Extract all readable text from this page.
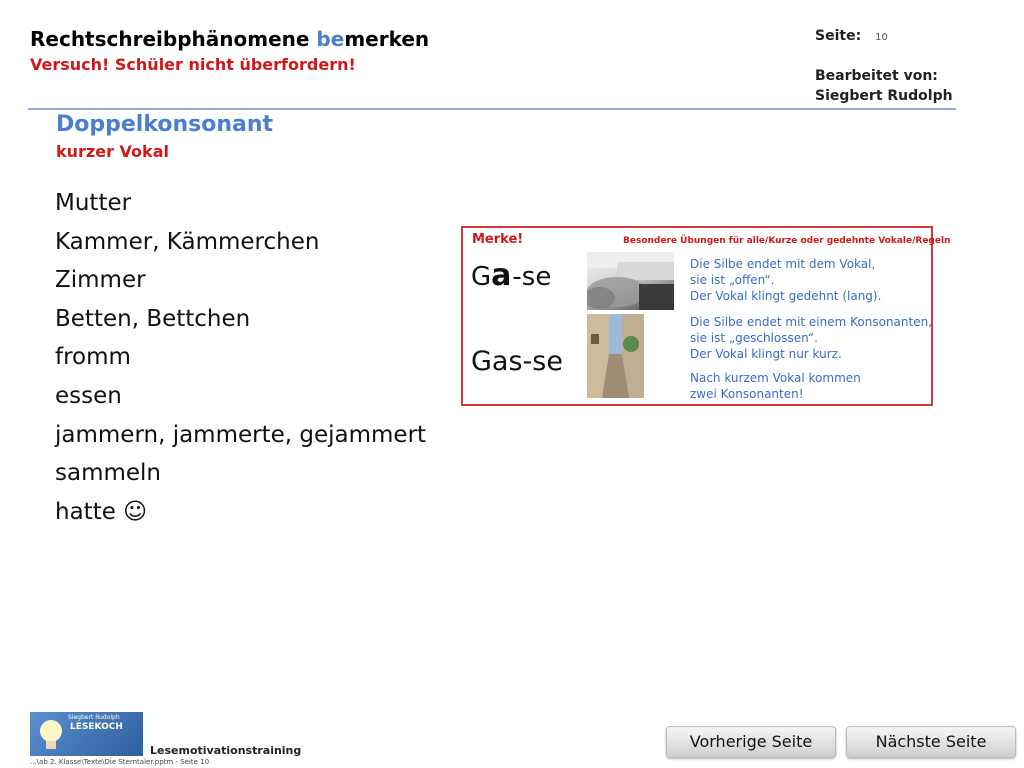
Rechtschreibphänomene bemerken
Versuch! Schüler nicht überfordern!
Seite: 10
Bearbeitet von:
Siegbert Rudolph
Doppelkonsonant
kurzer Vokal
Mutter
Kammer, Kämmerchen
Zimmer
Betten, Bettchen
fromm
essen
jammern, jammerte, gejammert
sammeln
hatte ☺
Merke!	Besondere Übungen für alle/Kurze oder gedehnte Vokale/Regeln
Ga-se
Gas-se
Die Silbe endet mit dem Vokal,
sie ist „offen“.
Der Vokal klingt gedehnt (lang).
Die Silbe endet mit einem Konsonanten,
sie ist „geschlossen“.
Der Vokal klingt nur kurz.
Nach kurzem Vokal kommen
zwei Konsonanten!
Siegbert Rudolph
LESEKOCH
Lesemotivationstraining
...\ab 2. Klasse\Texte\Die Sterntaler.pptm - Seite 10
Vorherige Seite	Nächste Seite
